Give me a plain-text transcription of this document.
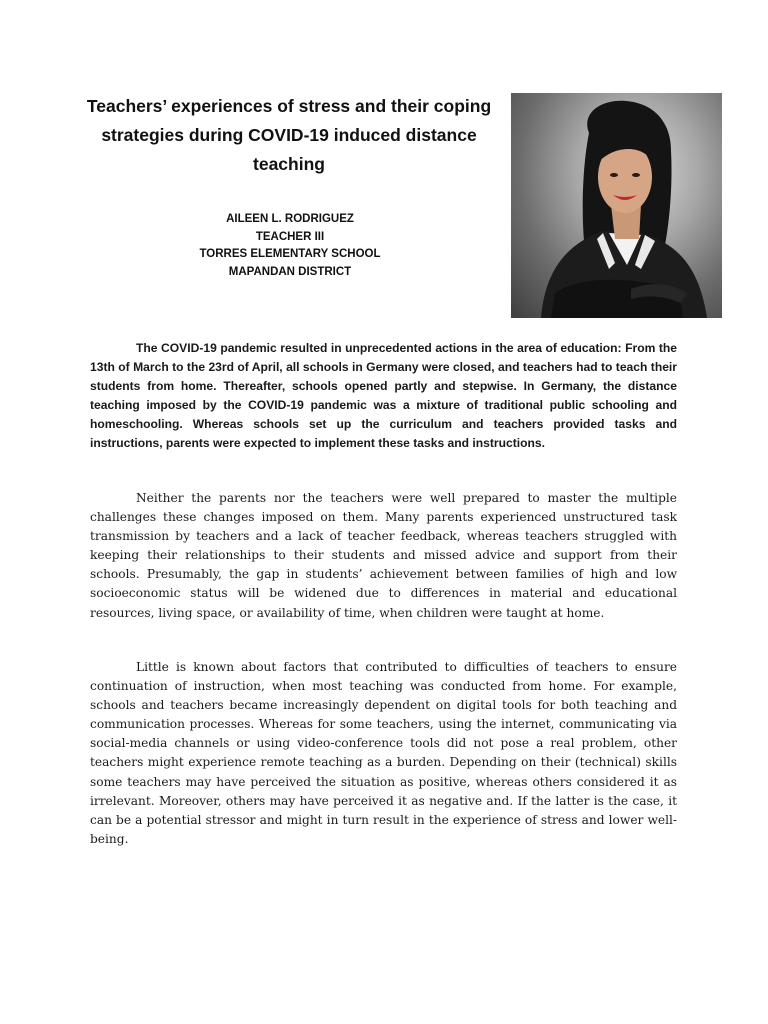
Teachers’ experiences of stress and their coping
strategies during COVID-19 induced distance
teaching
AILEEN L. RODRIGUEZ
TEACHER III
TORRES ELEMENTARY SCHOOL
MAPANDAN DISTRICT

The COVID-19 pandemic resulted in unprecedented actions in the area of education: From the 13th of March to the 23rd of April, all schools in Germany were closed, and teachers had to teach their students from home. Thereafter, schools opened partly and stepwise. In Germany, the distance teaching imposed by the COVID-19 pandemic was a mixture of traditional public schooling and homeschooling. Whereas schools set up the curriculum and teachers provided tasks and instructions, parents were expected to implement these tasks and instructions.

Neither the parents nor the teachers were well prepared to master the multiple challenges these changes imposed on them. Many parents experienced unstructured task transmission by teachers and a lack of teacher feedback, whereas teachers struggled with keeping their relationships to their students and missed advice and support from their schools. Presumably, the gap in students’ achievement between families of high and low socioeconomic status will be widened due to differences in material and educational resources, living space, or availability of time, when children were taught at home.

Little is known about factors that contributed to difficulties of teachers to ensure continuation of instruction, when most teaching was conducted from home. For example, schools and teachers became increasingly dependent on digital tools for both teaching and communication processes. Whereas for some teachers, using the internet, communicating via social-media channels or using video-conference tools did not pose a real problem, other teachers might experience remote teaching as a burden. Depending on their (technical) skills some teachers may have perceived the situation as positive, whereas others considered it as irrelevant. Moreover, others may have perceived it as negative and. If the latter is the case, it can be a potential stressor and might in turn result in the experience of stress and lower well-being.
